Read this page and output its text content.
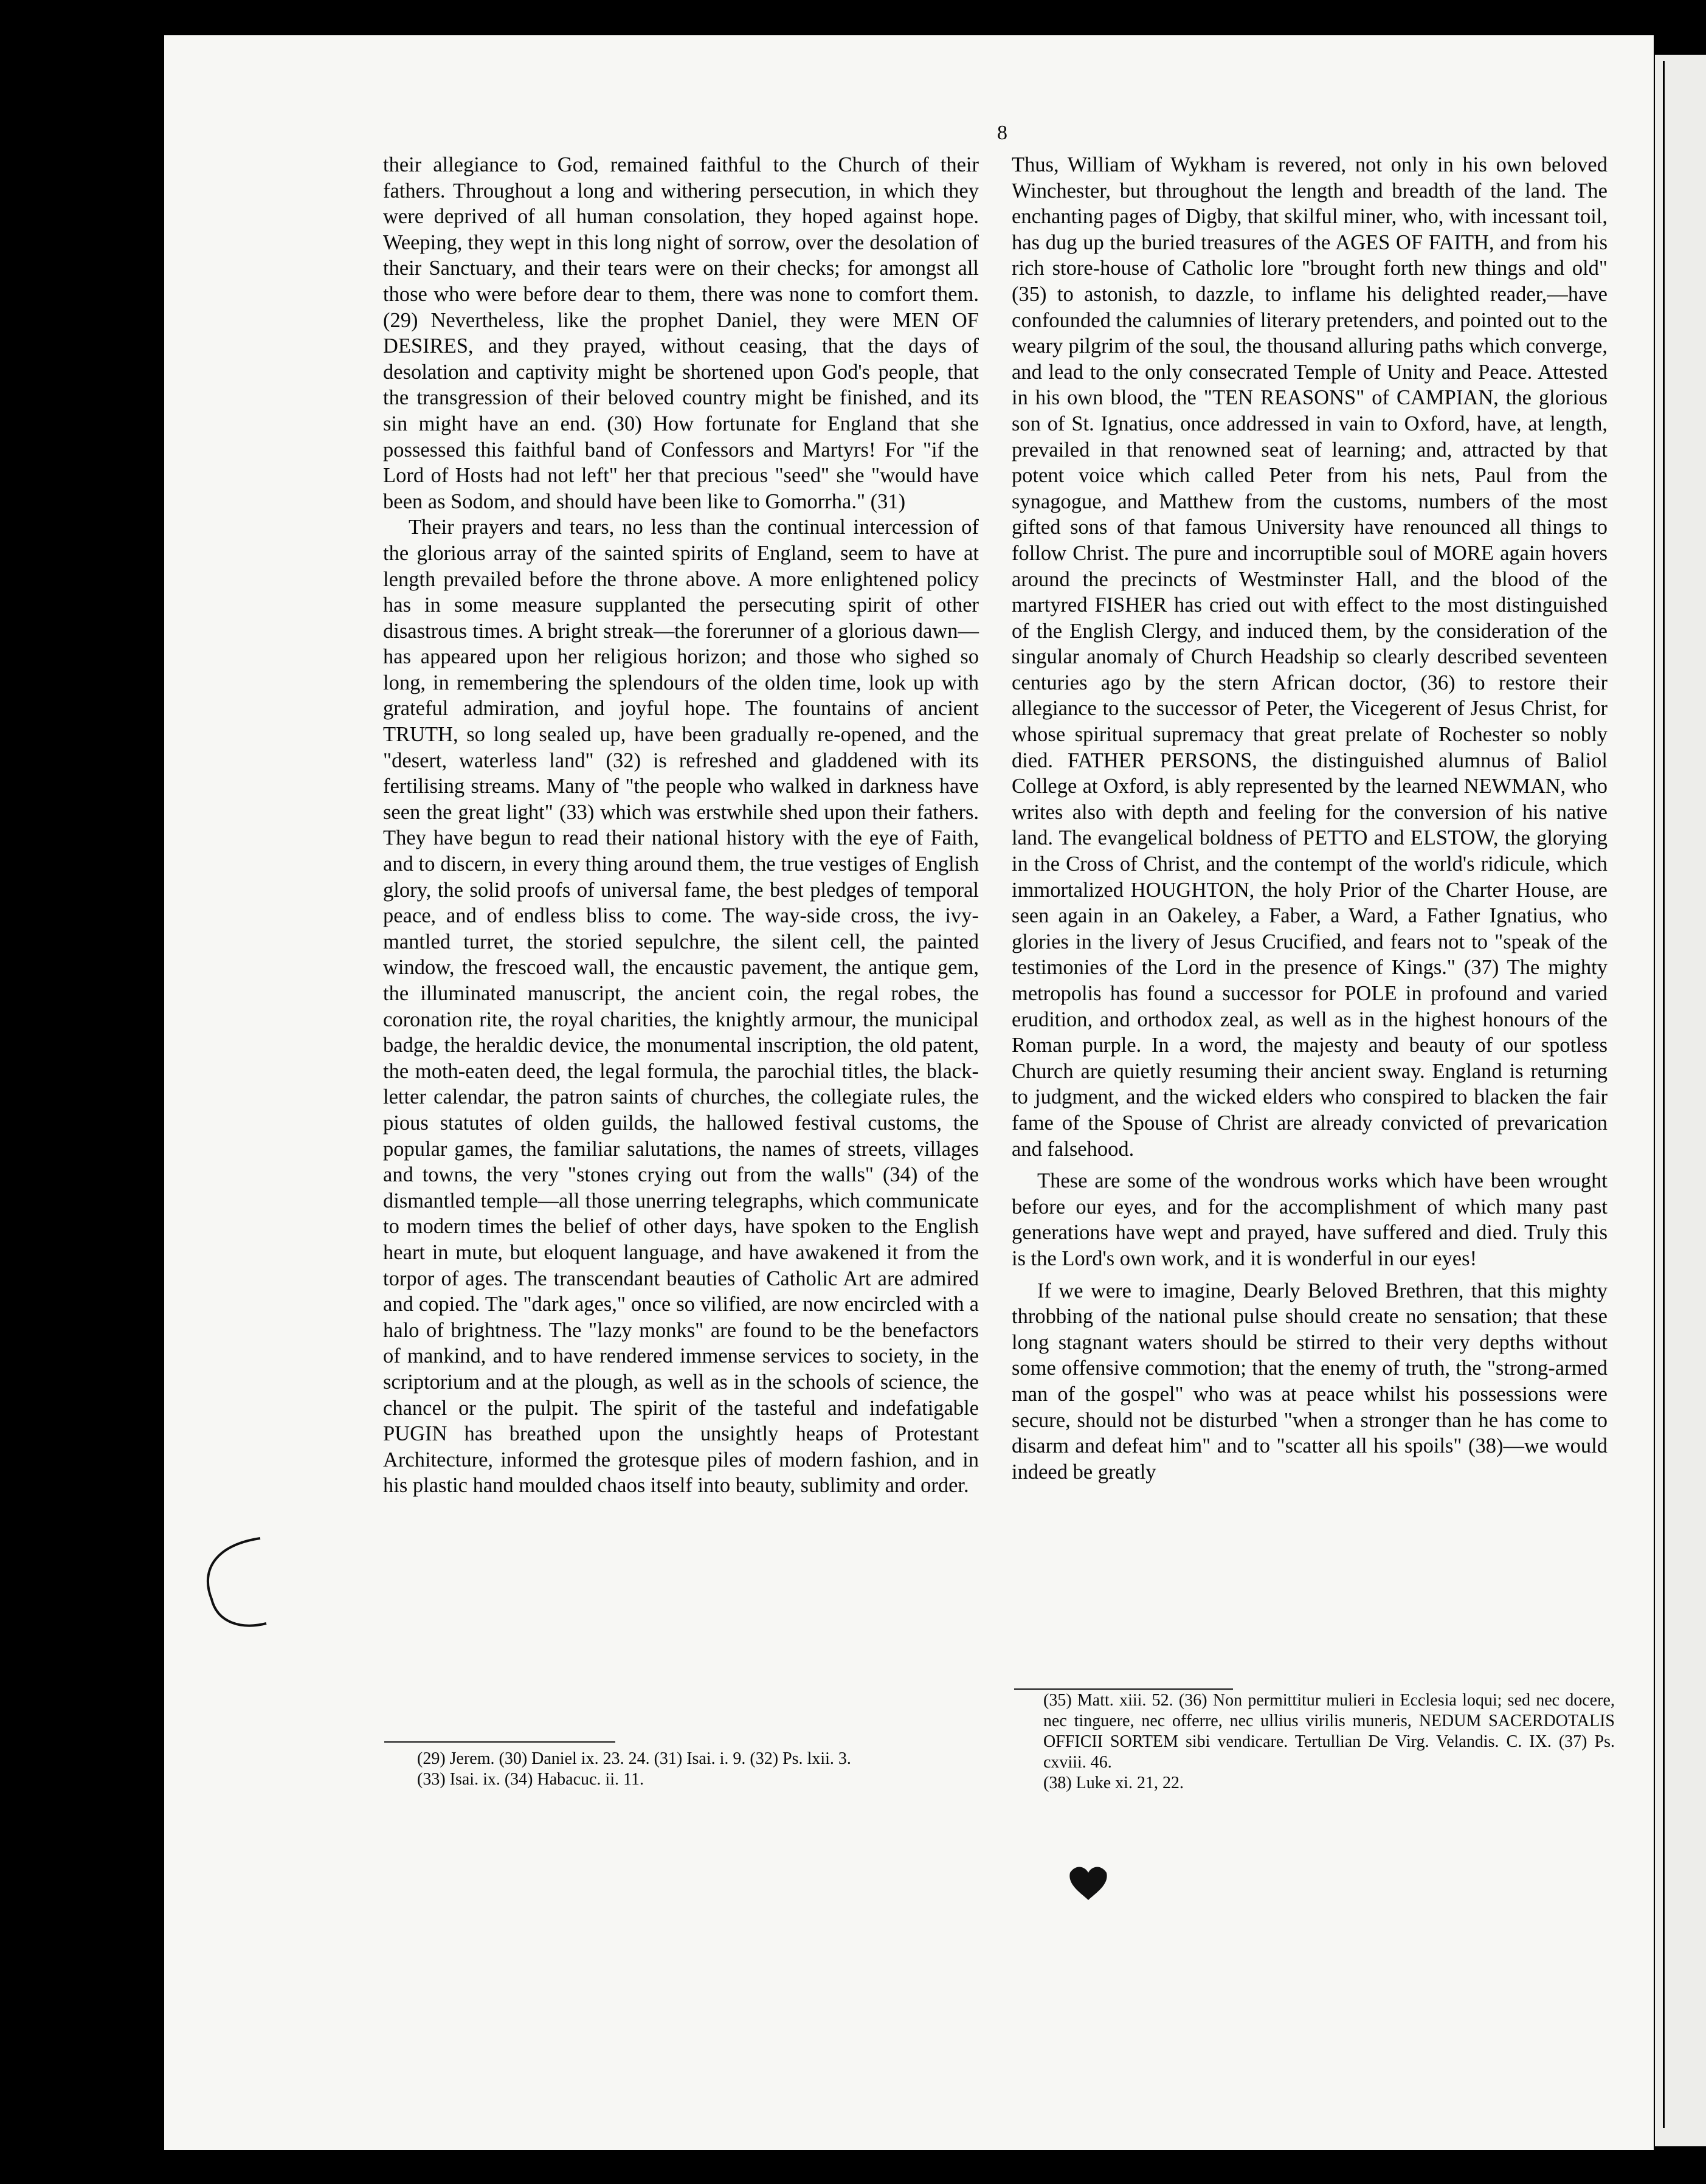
8

their allegiance to God, remained faithful to the Church of their fathers. Throughout a long and withering persecution, in which they were deprived of all human consolation, they hoped against hope. Weeping, they wept in this long night of sorrow, over the desolation of their Sanctuary, and their tears were on their checks; for amongst all those who were before dear to them, there was none to comfort them. (29) Nevertheless, like the prophet Daniel, they were MEN OF DESIRES, and they prayed, without ceasing, that the days of desolation and captivity might be shortened upon God's people, that the transgression of their beloved country might be finished, and its sin might have an end. (30) How fortunate for England that she possessed this faithful band of Confessors and Martyrs! For "if the Lord of Hosts had not left" her that precious "seed" she "would have been as Sodom, and should have been like to Gomorrha." (31)

Their prayers and tears, no less than the continual intercession of the glorious array of the sainted spirits of England, seem to have at length prevailed before the throne above. A more enlightened policy has in some measure supplanted the persecuting spirit of other disastrous times. A bright streak—the forerunner of a glorious dawn—has appeared upon her religious horizon; and those who sighed so long, in remembering the splendours of the olden time, look up with grateful admiration, and joyful hope. The fountains of ancient TRUTH, so long sealed up, have been gradually re-opened, and the "desert, waterless land" (32) is refreshed and gladdened with its fertilising streams. Many of "the people who walked in darkness have seen the great light" (33) which was erstwhile shed upon their fathers. They have begun to read their national history with the eye of Faith, and to discern, in every thing around them, the true vestiges of English glory, the solid proofs of universal fame, the best pledges of temporal peace, and of endless bliss to come. The way-side cross, the ivy-mantled turret, the storied sepulchre, the silent cell, the painted window, the frescoed wall, the encaustic pavement, the antique gem, the illuminated manuscript, the ancient coin, the regal robes, the coronation rite, the royal charities, the knightly armour, the municipal badge, the heraldic device, the monumental inscription, the old patent, the moth-eaten deed, the legal formula, the parochial titles, the black-letter calendar, the patron saints of churches, the collegiate rules, the pious statutes of olden guilds, the hallowed festival customs, the popular games, the familiar salutations, the names of streets, villages and towns, the very "stones crying out from the walls" (34) of the dismantled temple—all those unerring telegraphs, which communicate to modern times the belief of other days, have spoken to the English heart in mute, but eloquent language, and have awakened it from the torpor of ages. The transcendant beauties of Catholic Art are admired and copied. The "dark ages," once so vilified, are now encircled with a halo of brightness. The "lazy monks" are found to be the benefactors of mankind, and to have rendered immense services to society, in the scriptorium and at the plough, as well as in the schools of science, the chancel or the pulpit. The spirit of the tasteful and indefatigable PUGIN has breathed upon the unsightly heaps of Protestant Architecture, informed the grotesque piles of modern fashion, and in his plastic hand moulded chaos itself into beauty, sublimity and order.

Thus, William of Wykham is revered, not only in his own beloved Winchester, but throughout the length and breadth of the land. The enchanting pages of Digby, that skilful miner, who, with incessant toil, has dug up the buried treasures of the AGES OF FAITH, and from his rich store-house of Catholic lore "brought forth new things and old" (35) to astonish, to dazzle, to inflame his delighted reader,—have confounded the calumnies of literary pretenders, and pointed out to the weary pilgrim of the soul, the thousand alluring paths which converge, and lead to the only consecrated Temple of Unity and Peace. Attested in his own blood, the "TEN REASONS" of CAMPIAN, the glorious son of St. Ignatius, once addressed in vain to Oxford, have, at length, prevailed in that renowned seat of learning; and, attracted by that potent voice which called Peter from his nets, Paul from the synagogue, and Matthew from the customs, numbers of the most gifted sons of that famous University have renounced all things to follow Christ. The pure and incorruptible soul of MORE again hovers around the precincts of Westminster Hall, and the blood of the martyred FISHER has cried out with effect to the most distinguished of the English Clergy, and induced them, by the consideration of the singular anomaly of Church Headship so clearly described seventeen centuries ago by the stern African doctor, (36) to restore their allegiance to the successor of Peter, the Vicegerent of Jesus Christ, for whose spiritual supremacy that great prelate of Rochester so nobly died. FATHER PERSONS, the distinguished alumnus of Baliol College at Oxford, is ably represented by the learned NEWMAN, who writes also with depth and feeling for the conversion of his native land. The evangelical boldness of PETTO and ELSTOW, the glorying in the Cross of Christ, and the contempt of the world's ridicule, which immortalized HOUGHTON, the holy Prior of the Charter House, are seen again in an Oakeley, a Faber, a Ward, a Father Ignatius, who glories in the livery of Jesus Crucified, and fears not to "speak of the testimonies of the Lord in the presence of Kings." (37) The mighty metropolis has found a successor for POLE in profound and varied erudition, and orthodox zeal, as well as in the highest honours of the Roman purple. In a word, the majesty and beauty of our spotless Church are quietly resuming their ancient sway. England is returning to judgment, and the wicked elders who conspired to blacken the fair fame of the Spouse of Christ are already convicted of prevarication and falsehood.

These are some of the wondrous works which have been wrought before our eyes, and for the accomplishment of which many past generations have wept and prayed, have suffered and died. Truly this is the Lord's own work, and it is wonderful in our eyes!

If we were to imagine, Dearly Beloved Brethren, that this mighty throbbing of the national pulse should create no sensation; that these long stagnant waters should be stirred to their very depths without some offensive commotion; that the enemy of truth, the "strong-armed man of the gospel" who was at peace whilst his possessions were secure, should not be disturbed "when a stronger than he has come to disarm and defeat him" and to "scatter all his spoils" (38)—we would indeed be greatly

(29) Jerem. (30) Daniel ix. 23. 24. (31) Isai. i. 9. (32) Ps. lxii. 3.

(33) Isai. ix. (34) Habacuc. ii. 11.

(35) Matt. xiii. 52. (36) Non permittitur mulieri in Ecclesia loqui; sed nec docere, nec tinguere, nec offerre, nec ullius virilis muneris, NEDUM SACERDOTALIS OFFICII SORTEM sibi vendicare. Tertullian De Virg. Velandis. C. IX. (37) Ps. cxviii. 46.

(38) Luke xi. 21, 22.
